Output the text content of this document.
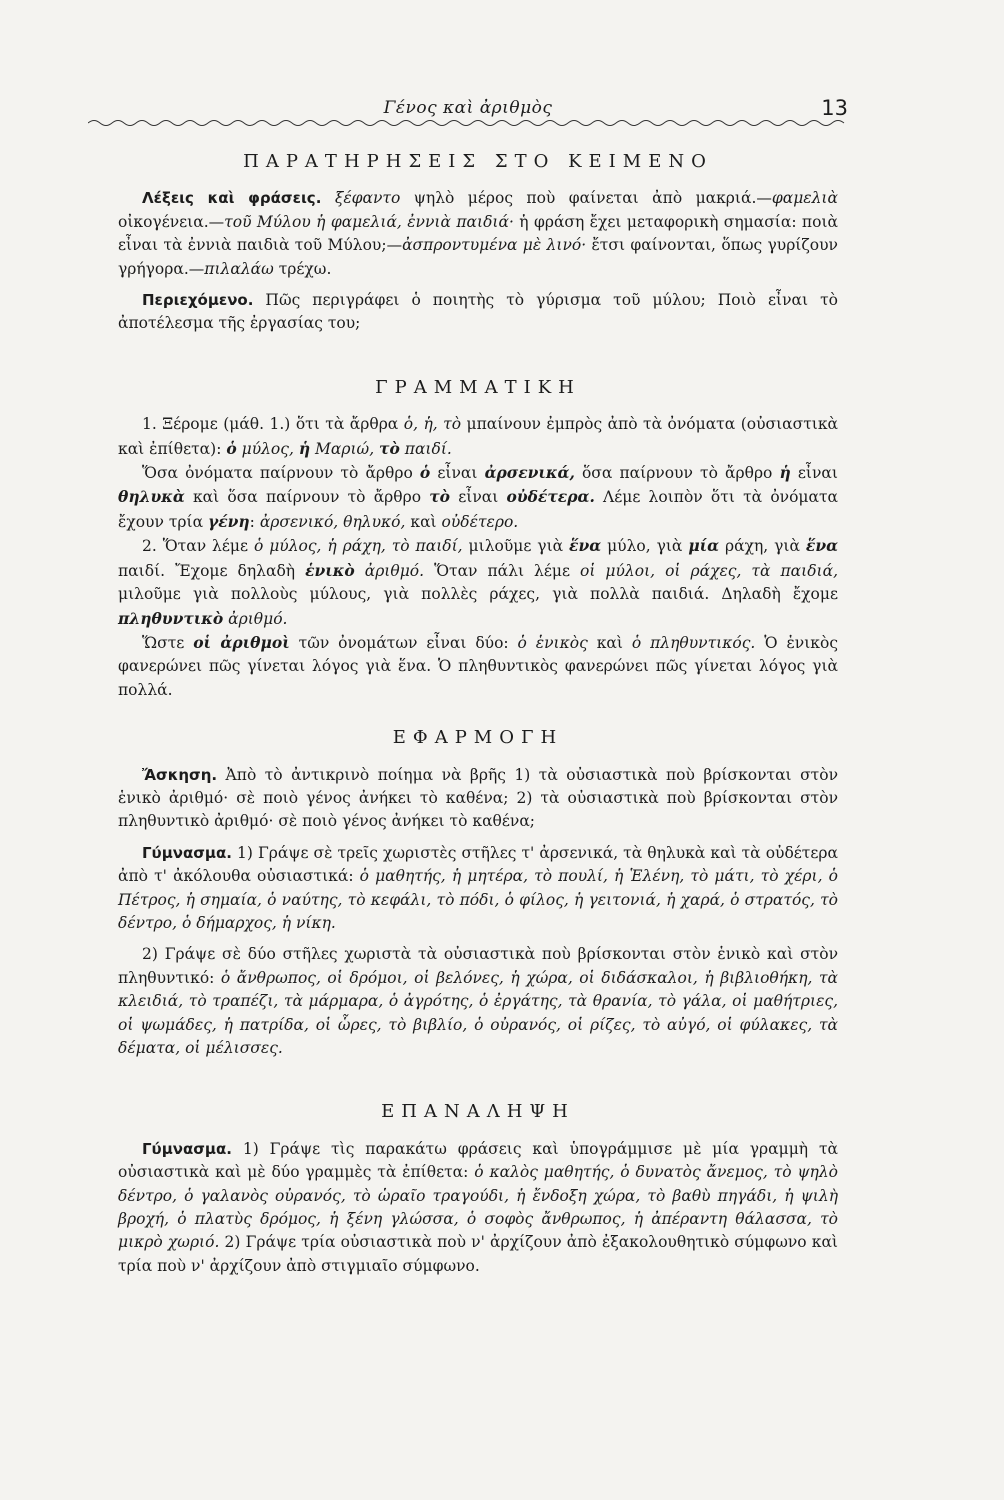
Γένος καὶ ἀριθμὸς	13
ΠΑΡΑΤΗΡΗΣΕΙΣ ΣΤΟ ΚΕΙΜΕΝΟ

Λέξεις καὶ φράσεις. ξέφαντο ψηλὸ μέρος ποὺ φαίνεται ἀπὸ μακριά.—φαμελιὰ οἰκογένεια.—τοῦ Μύλου ἡ φαμελιά, ἐννιὰ παιδιά· ἡ φράση ἔχει μεταφορικὴ σημασία: ποιὰ εἶναι τὰ ἐννιὰ παιδιὰ τοῦ Μύλου;—ἀσπροντυμένα μὲ λινό· ἔτσι φαίνονται, ὅπως γυρίζουν γρήγορα.—πιλαλάω τρέχω.

Περιεχόμενο. Πῶς περιγράφει ὁ ποιητὴς τὸ γύρισμα τοῦ μύλου; Ποιὸ εἶναι τὸ ἀποτέλεσμα τῆς ἐργασίας του;

ΓΡΑΜΜΑΤΙΚΗ

1. Ξέρομε (μάθ. 1.) ὅτι τὰ ἄρθρα ὁ, ἡ, τὸ μπαίνουν ἐμπρὸς ἀπὸ τὰ ὀνόματα (οὐσιαστικὰ καὶ ἐπίθετα): ὁ μύλος, ἡ Μαριώ, τὸ παιδί.

Ὅσα ὀνόματα παίρνουν τὸ ἄρθρο ὁ εἶναι ἀρσενικά, ὅσα παίρνουν τὸ ἄρθρο ἡ εἶναι θηλυκὰ καὶ ὅσα παίρνουν τὸ ἄρθρο τὸ εἶναι οὐδέτερα. Λέμε λοιπὸν ὅτι τὰ ὀνόματα ἔχουν τρία γένη: ἀρσενικό, θηλυκό, καὶ οὐδέτερο.

2. Ὅταν λέμε ὁ μύλος, ἡ ράχη, τὸ παιδί, μιλοῦμε γιὰ ἕνα μύλο, γιὰ μία ράχη, γιὰ ἕνα παιδί. Ἔχομε δηλαδὴ ἑνικὸ ἀριθμό. Ὅταν πάλι λέμε οἱ μύλοι, οἱ ράχες, τὰ παιδιά, μιλοῦμε γιὰ πολλοὺς μύλους, γιὰ πολλὲς ράχες, γιὰ πολλὰ παιδιά. Δηλαδὴ ἔχομε πληθυντικὸ ἀριθμό.

Ὥστε οἱ ἀριθμοὶ τῶν ὀνομάτων εἶναι δύο: ὁ ἑνικὸς καὶ ὁ πληθυντικός. Ὁ ἑνικὸς φανερώνει πῶς γίνεται λόγος γιὰ ἕνα. Ὁ πληθυντικὸς φανερώνει πῶς γίνεται λόγος γιὰ πολλά.

ΕΦΑΡΜΟΓΗ

Ἄσκηση. Ἀπὸ τὸ ἀντικρινὸ ποίημα νὰ βρῆς 1) τὰ οὐσιαστικὰ ποὺ βρίσκονται στὸν ἑνικὸ ἀριθμό· σὲ ποιὸ γένος ἀνήκει τὸ καθένα; 2) τὰ οὐσιαστικὰ ποὺ βρίσκονται στὸν πληθυντικὸ ἀριθμό· σὲ ποιὸ γένος ἀνήκει τὸ καθένα;

Γύμνασμα. 1) Γράψε σὲ τρεῖς χωριστὲς στῆλες τ' ἀρσενικά, τὰ θηλυκὰ καὶ τὰ οὐδέτερα ἀπὸ τ' ἀκόλουθα οὐσιαστικά: ὁ μαθητής, ἡ μητέρα, τὸ πουλί, ἡ Ἑλένη, τὸ μάτι, τὸ χέρι, ὁ Πέτρος, ἡ σημαία, ὁ ναύτης, τὸ κεφάλι, τὸ πόδι, ὁ φίλος, ἡ γειτονιά, ἡ χαρά, ὁ στρατός, τὸ δέντρο, ὁ δήμαρχος, ἡ νίκη.

2) Γράψε σὲ δύο στῆλες χωριστὰ τὰ οὐσιαστικὰ ποὺ βρίσκονται στὸν ἑνικὸ καὶ στὸν πληθυντικό: ὁ ἄνθρωπος, οἱ δρόμοι, οἱ βελόνες, ἡ χώρα, οἱ διδάσκαλοι, ἡ βιβλιοθήκη, τὰ κλειδιά, τὸ τραπέζι, τὰ μάρμαρα, ὁ ἀγρότης, ὁ ἐργάτης, τὰ θρανία, τὸ γάλα, οἱ μαθήτριες, οἱ ψωμάδες, ἡ πατρίδα, οἱ ὧρες, τὸ βιβλίο, ὁ οὐρανός, οἱ ρίζες, τὸ αὐγό, οἱ φύλακες, τὰ δέματα, οἱ μέλισσες.

ΕΠΑΝΑΛΗΨΗ

Γύμνασμα. 1) Γράψε τὶς παρακάτω φράσεις καὶ ὑπογράμμισε μὲ μία γραμμὴ τὰ οὐσιαστικὰ καὶ μὲ δύο γραμμὲς τὰ ἐπίθετα: ὁ καλὸς μαθητής, ὁ δυνατὸς ἄνεμος, τὸ ψηλὸ δέντρο, ὁ γαλανὸς οὐρανός, τὸ ὡραῖο τραγούδι, ἡ ἔνδοξη χώρα, τὸ βαθὺ πηγάδι, ἡ ψιλὴ βροχή, ὁ πλατὺς δρόμος, ἡ ξένη γλώσσα, ὁ σοφὸς ἄνθρωπος, ἡ ἀπέραντη θάλασσα, τὸ μικρὸ χωριό. 2) Γράψε τρία οὐσιαστικὰ ποὺ ν' ἀρχίζουν ἀπὸ ἐξακολουθητικὸ σύμφωνο καὶ τρία ποὺ ν' ἀρχίζουν ἀπὸ στιγμιαῖο σύμφωνο.
